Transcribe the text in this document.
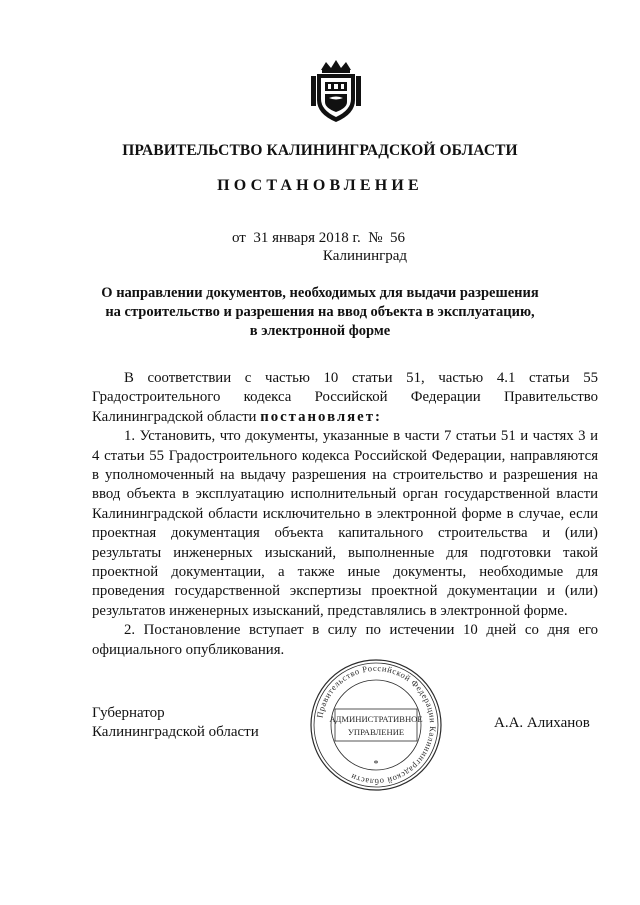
ПРАВИТЕЛЬСТВО КАЛИНИНГРАДСКОЙ ОБЛАСТИ
ПОСТАНОВЛЕНИЕ
от 31 января 2018 г. № 56
Калининград
О направлении документов, необходимых для выдачи разрешения
на строительство и разрешения на ввод объекта в эксплуатацию,
в электронной форме

В соответствии с частью 10 статьи 51, частью 4.1 статьи 55 Градостроительного кодекса Российской Федерации Правительство Калининградской области постановляет:

1. Установить, что документы, указанные в части 7 статьи 51 и частях 3 и 4 статьи 55 Градостроительного кодекса Российской Федерации, направляются в уполномоченный на выдачу разрешения на строительство и разрешения на ввод объекта в эксплуатацию исполнительный орган государственной власти Калининградской области исключительно в электронной форме в случае, если проектная документация объекта капитального строительства и (или) результаты инженерных изысканий, выполненные для подготовки такой проектной документации, а также иные документы, необходимые для проведения государственной экспертизы проектной документации и (или) результатов инженерных изысканий, представлялись в электронной форме.

2. Постановление вступает в силу по истечении 10 дней со дня его официального опубликования.

Губернатор
Калининградской области
Правительство Российской Федерации Калининградской области
АДМИНИСТРАТИВНОЕ
УПРАВЛЕНИЕ
*
А.А. Алиханов
